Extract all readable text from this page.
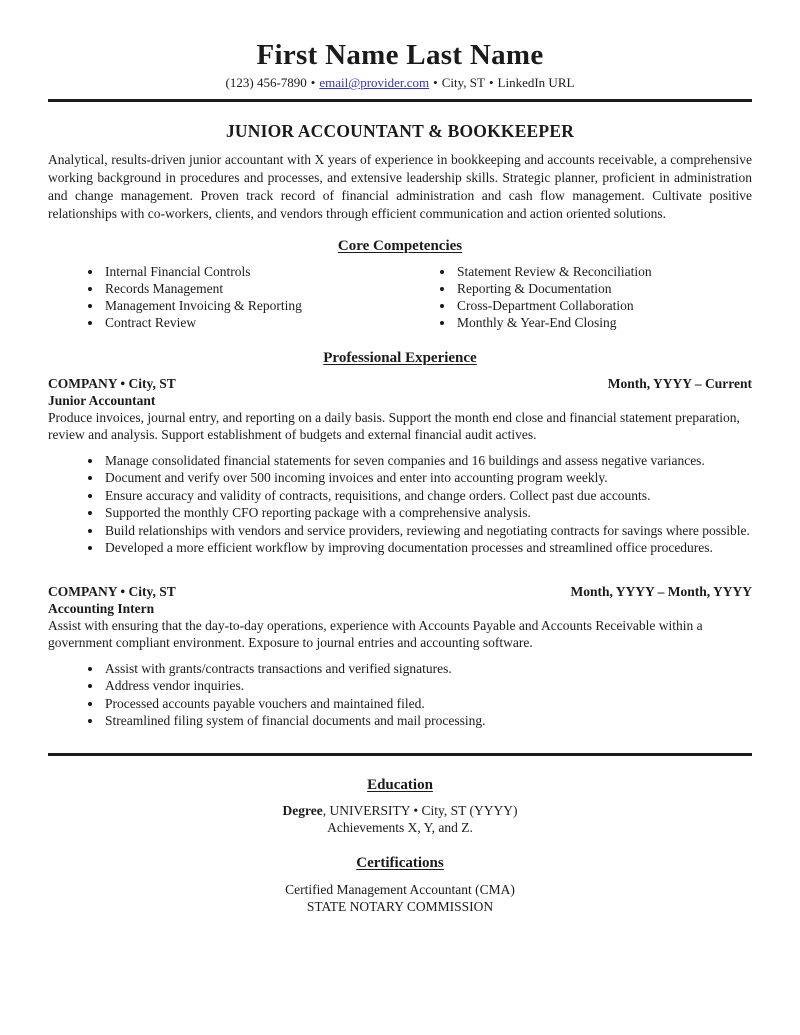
First Name Last Name
(123) 456-7890 • email@provider.com • City, ST • LinkedIn URL
JUNIOR ACCOUNTANT & BOOKKEEPER

Analytical, results-driven junior accountant with X years of experience in bookkeeping and accounts receivable, a comprehensive working background in procedures and processes, and extensive leadership skills. Strategic planner, proficient in administration and change management. Proven track record of financial administration and cash flow management. Cultivate positive relationships with co-workers, clients, and vendors through efficient communication and action oriented solutions.

Core Competencies
• Internal Financial Controls
• Records Management
• Management Invoicing & Reporting
• Contract Review
• Statement Review & Reconciliation
• Reporting & Documentation
• Cross-Department Collaboration
• Monthly & Year-End Closing
Professional Experience
COMPANY • City, ST	Month, YYYY – Current
Junior Accountant
Produce invoices, journal entry, and reporting on a daily basis. Support the month end close and financial statement preparation, review and analysis. Support establishment of budgets and external financial audit actives.
• Manage consolidated financial statements for seven companies and 16 buildings and assess negative variances.
• Document and verify over 500 incoming invoices and enter into accounting program weekly.
• Ensure accuracy and validity of contracts, requisitions, and change orders. Collect past due accounts.
• Supported the monthly CFO reporting package with a comprehensive analysis.
• Build relationships with vendors and service providers, reviewing and negotiating contracts for savings where possible.
• Developed a more efficient workflow by improving documentation processes and streamlined office procedures.
COMPANY • City, ST	Month, YYYY – Month, YYYY
Accounting Intern
Assist with ensuring that the day-to-day operations, experience with Accounts Payable and Accounts Receivable within a government compliant environment. Exposure to journal entries and accounting software.
• Assist with grants/contracts transactions and verified signatures.
• Address vendor inquiries.
• Processed accounts payable vouchers and maintained filed.
• Streamlined filing system of financial documents and mail processing.
Education
Degree, UNIVERSITY • City, ST (YYYY)
Achievements X, Y, and Z.
Certifications
Certified Management Accountant (CMA)
STATE NOTARY COMMISSION
